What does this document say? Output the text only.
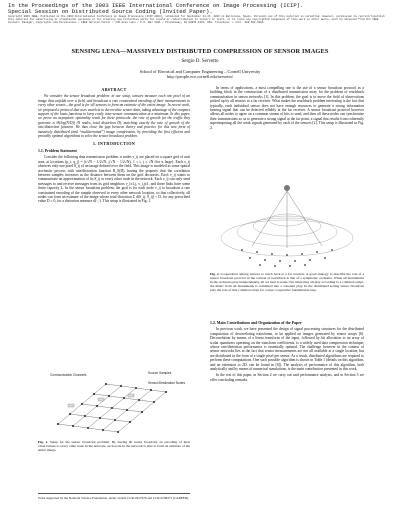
In the Proceedings of the 2003 IEEE International Conference on Image Processing (ICIP).
Special Session on Distributed Source Coding (Invited Paper).
Copyright 2003 IEEE. Published in the 2003 International Conference on Image Processing (ICIP 2003), scheduled for September 14-17, 2003 in Barcelona, Spain. Personal use of this material is permitted. However, permission to reprint/republish this material for advertising or promotional purposes or for creating new collective works for resale or redistribution to servers or lists, or to reuse any copyrighted component of this work in other works, must be obtained from the IEEE. Contact: Manager, Copyrights and Permissions / IEEE Service Center / 445 Hoes Lane / P.O. Box 1331 / Piscataway, NJ 08855-1331, USA. Telephone: + Intl. 908-562-3966.
SENSING LENA—MASSIVELY DISTRIBUTED COMPRESSION OF SENSOR IMAGES
Sergio D. Servetto
School of Electrical and Computer Engineering – Cornell University
http://people.ece.cornell.edu/servetto/
ABSTRACT

We consider the sensor broadcast problem: in our setup, sensors measure each one pixel of an image that unfolds over a field, and broadcast a rate constrained encoding of their measurements to every other sensor—the goal is for all sensors to form an estimate of the entire image. In recent work, we proposed a protocol that uses wavelets to decorrelate sensor data, taking advantage of the compact support of the basis functions to keep costly inter-sensor communication at a minimum. In this paper, we prove an asymptotic optimality result for these protocols: the rate of growth for the traffic they generate is Θ(log(N/D)) (N nodes, total distortion D), matching exactly the rate of growth of the rate/distortion function. We thus close the gap between theory and practice for this new form of massively distributed (and “multiterminal”) image compression, by providing the first efficient and provably optimal algorithms to solve the sensor broadcast problem.

1. INTRODUCTION
1.1. Problem Statement

Consider the following data transmission problem. n nodes v_ij are placed on a square grid of unit area, at locations (p_i, q_j) = (i/√N − 1/2√N, j/√N − 1/2√N), 1 ≤ i, j ≤ √N (for n large). Each v_ij observes only one pixel S_ij of an image defined over the field. This image is modeled as some spatial stochastic process with rate/distortion function R_S(D), having the property that the correlation between samples increases as the distance between them on the grid decreases. Each v_ij wants to communicate an approximation of its S_ij to every other node in the network. Each v_ij can only send messages to and receive messages from its grid neighbors v_i±1,j, v_i,j±1, and these links have some finite capacity L. In the sensor broadcast problem, the goal is for each node v_ij to broadcast a rate constrained encoding of the sample observed to every other network location, so that collectively, all nodes can form an estimate of the image whose total distortion Σ d(S_ij, Ŝ_ij) < D, for any prescribed value D ≥ 0, for a distortion measure d(·,·). This setup is illustrated in Fig. 1.

Source Samples
Sensor/Destination Nodes
Communication Channels
Fig. 1. Setup for the sensor broadcast problem. By having all nodes broadcast an encoding of their observations to every other node in the network, each node in the network is able to form an estimate of the entire image.
Work supported by the National Science Foundation, under awards CCR-0227676 and CCR-0238271 (CAREER).

In terms of applications, a most compelling one is the use of a sensor broadcast protocol as a building block in the construction of a distributed transmission array for the problem of reachback communication in sensor networks [1]. In this problem, the goal is to move the field of observations picked up by all sensors to a far receiver. What makes the reachback problem interesting is the fact that typically, each individual sensor does not have enough resources to generate a strong information bearing signal that can be detected reliably at the far receiver. A sensor broadcast protocol however allows all nodes to agree on a common stream of bits to send, and then all these nodes can synchronize their transmissions so as to generate a strong signal at the far point, a signal that results from coherently superimposing all the weak signals generated by each of the sensors [2]. This setup is illustrated in Fig. 2.

Fig. 2. Cooperation among sensors to reach back to a far receiver. A good analogy to describe the role of a sensor broadcast protocol in the context of reachback is that of a symphonic orchestra. When all instruments in the orchestra play independently, all we hear is noise; but when they all play according to a common script, the music from all instruments is combined into a coherent play. In the distributed setting sensor broadcast play the role of that common script for a later cooperative transmission step.
1.2. Main Contributions and Organization of the Paper

In previous work, we have presented the design of signal processing structures for the distributed computation of decorrelating transforms, to be applied on images generated by sensor arrays [6]. Decorrelation by means of a linear transform of the input, followed by bit allocation to an array of scalar quantizers operating on the transform coefficients, is a widely used data compression technique, whose rate/distortion performance is essentially optimal. The challenge however in the context of sensor networks lies in the fact that sensor measurements are not all available at a single location, but are distributed in the form of a single pixel per sensor. As a result, distributed algorithms are required to perform these computations. One such possible algorithm is shown in Table 1 (details on this algorithm, and an extension to 2D, can be found in [6]). The analysis of performance of this algorithm, both analytically and by means of numerical simulations, is the main contribution presented in this work.

In the rest of this paper, in Section 2 we carry out said performance analysis, and in Section 3 we offer concluding remarks.
